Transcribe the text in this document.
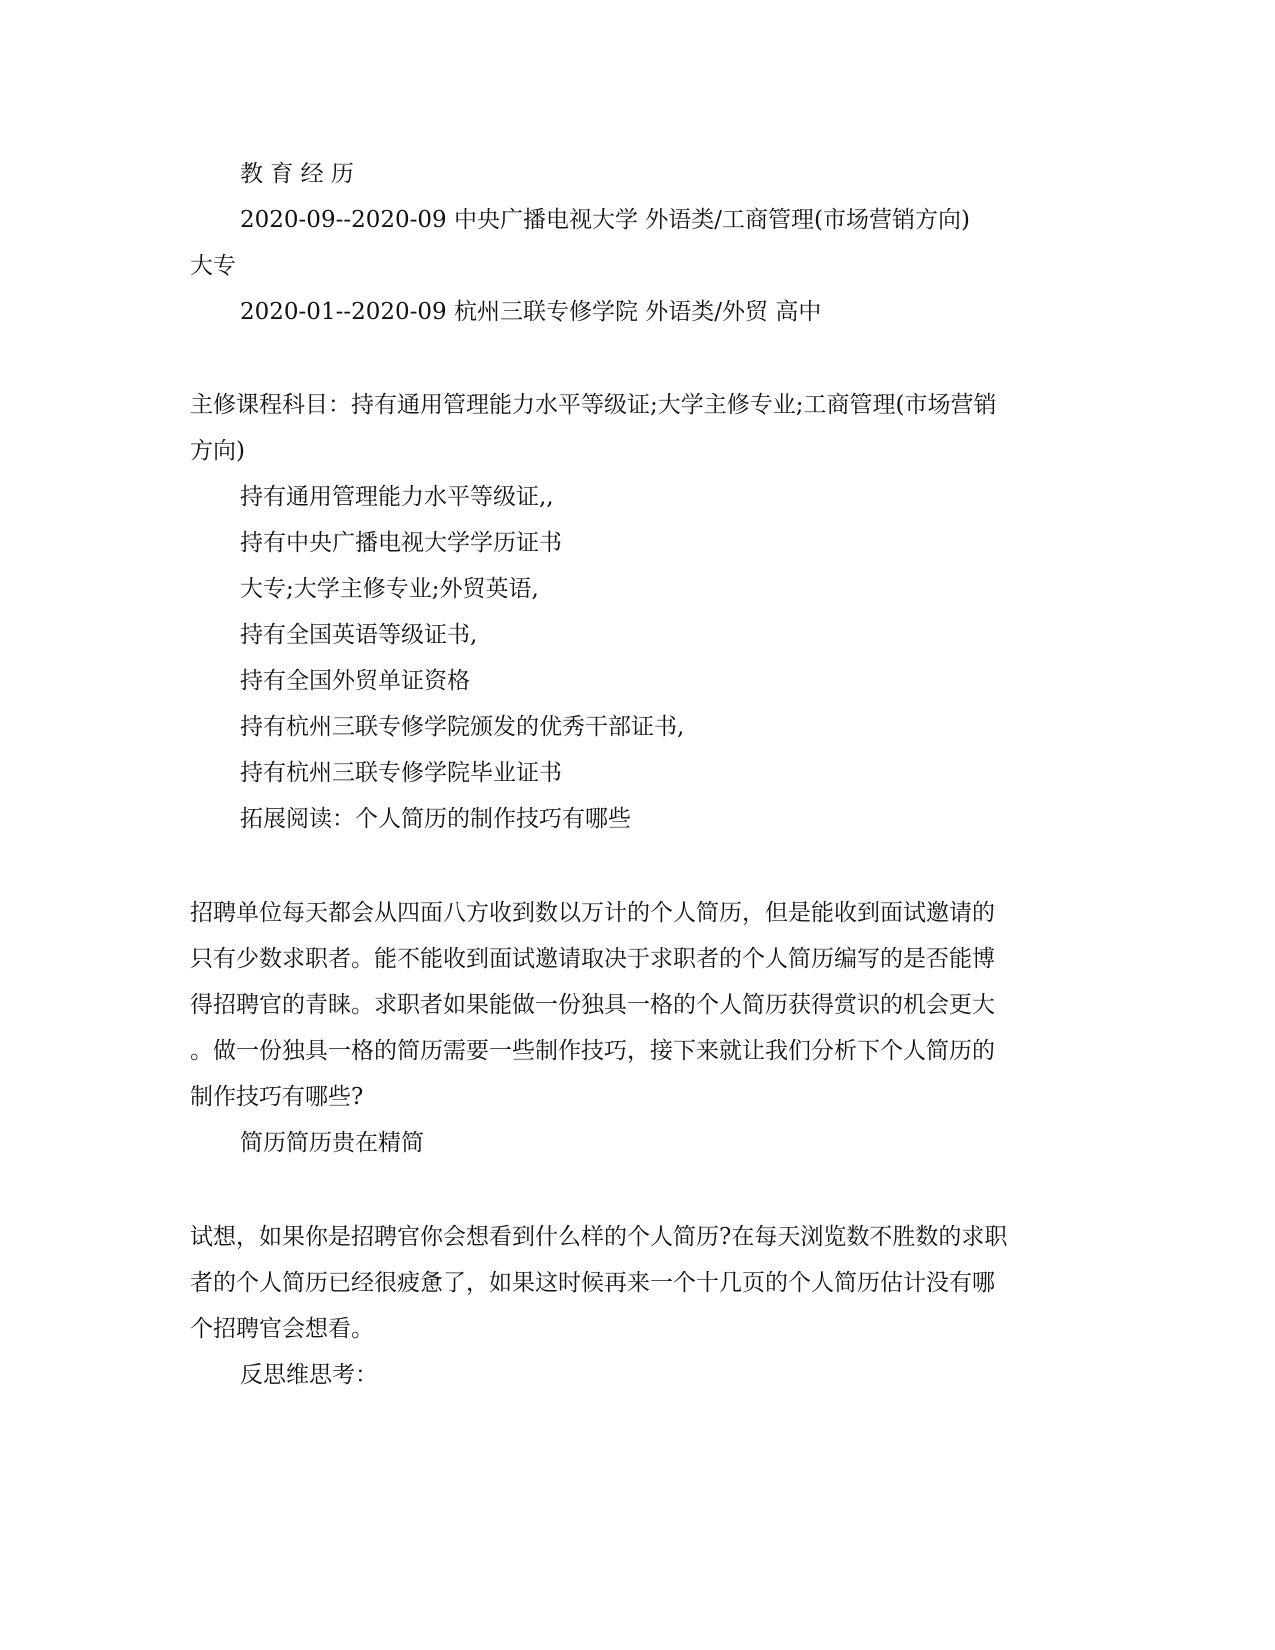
教 育 经 历
2020-09--2020-09 中央广播电视大学 外语类/工商管理(市场营销方向)
大专
2020-01--2020-09 杭州三联专修学院 外语类/外贸 高中
主修课程科目：持有通用管理能力水平等级证;大学主修专业;工商管理(市场营销
方向)
持有通用管理能力水平等级证,,
持有中央广播电视大学学历证书
大专;大学主修专业;外贸英语,
持有全国英语等级证书,
持有全国外贸单证资格
持有杭州三联专修学院颁发的优秀干部证书,
持有杭州三联专修学院毕业证书
拓展阅读：个人简历的制作技巧有哪些
招聘单位每天都会从四面八方收到数以万计的个人简历，但是能收到面试邀请的
只有少数求职者。能不能收到面试邀请取决于求职者的个人简历编写的是否能博
得招聘官的青睐。求职者如果能做一份独具一格的个人简历获得赏识的机会更大
。做一份独具一格的简历需要一些制作技巧，接下来就让我们分析下个人简历的
制作技巧有哪些?
简历简历贵在精简
试想，如果你是招聘官你会想看到什么样的个人简历?在每天浏览数不胜数的求职
者的个人简历已经很疲惫了，如果这时候再来一个十几页的个人简历估计没有哪
个招聘官会想看。
反思维思考：
